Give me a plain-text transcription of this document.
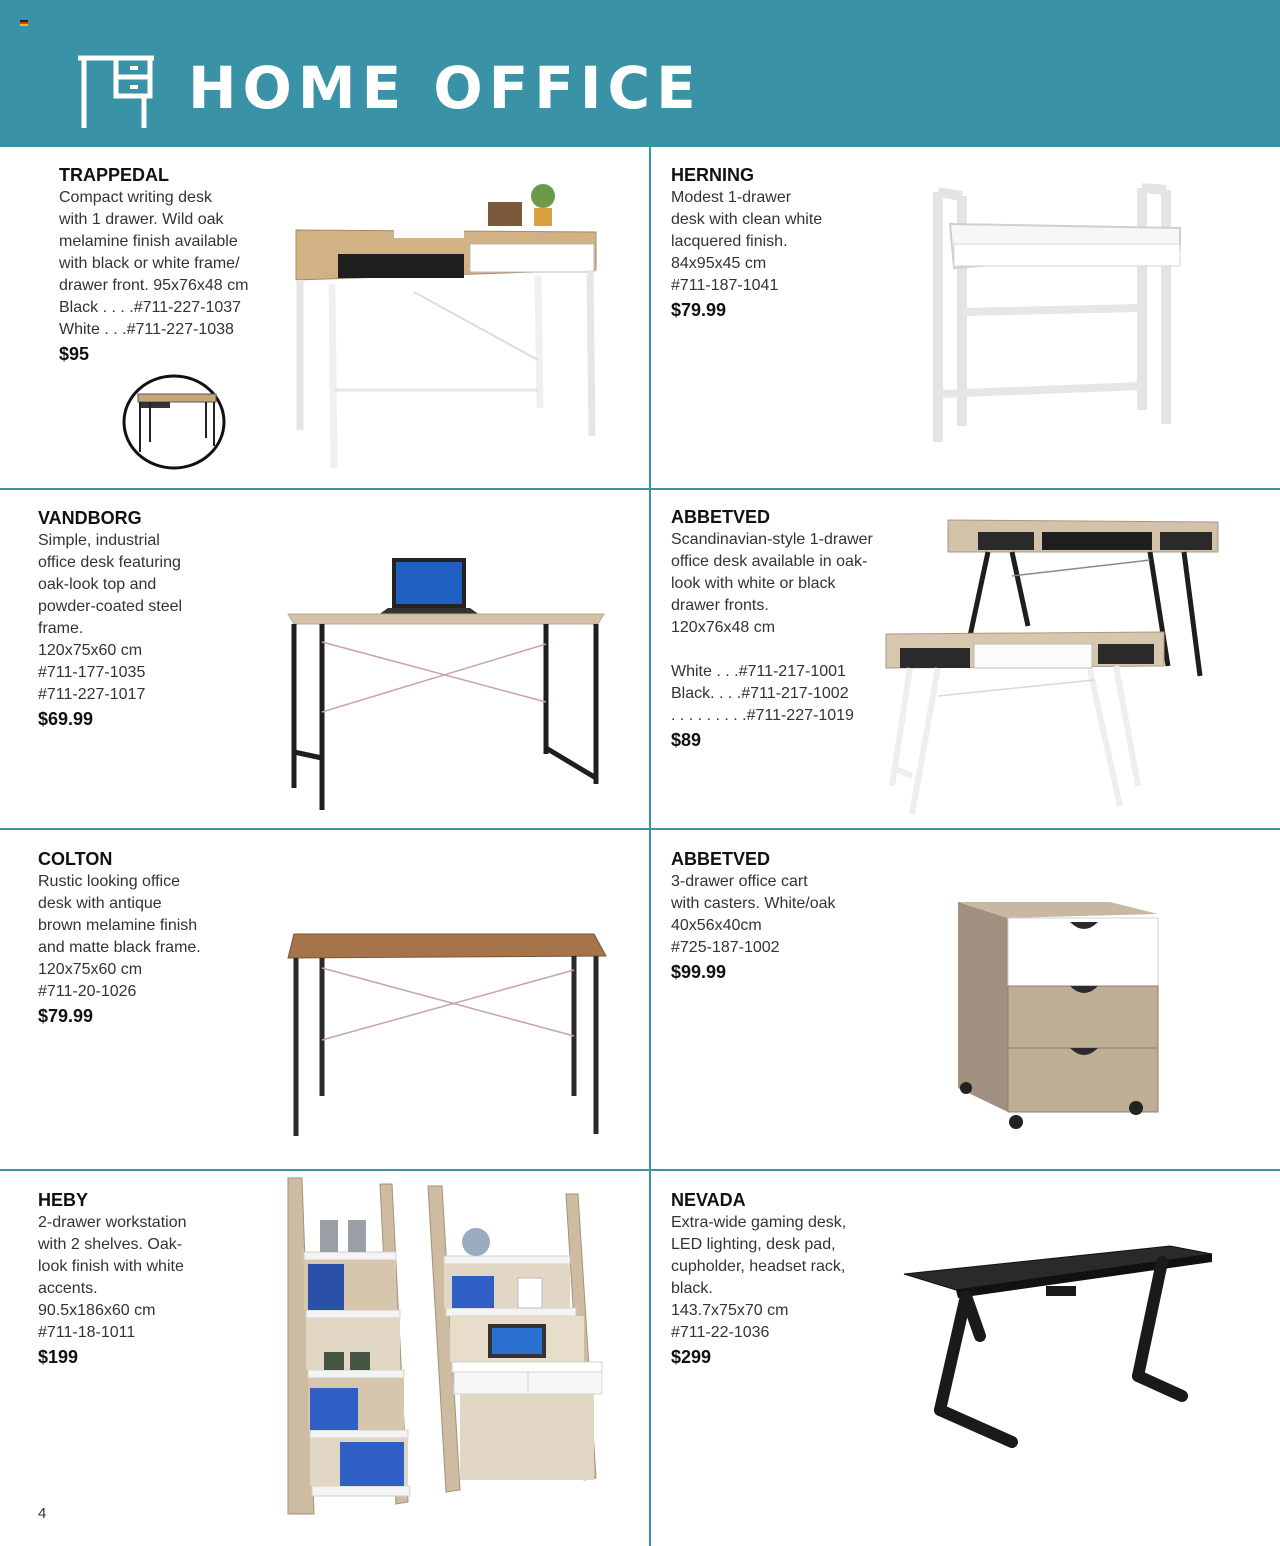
HOME OFFICE
TRAPPEDAL
Compact writing desk
with 1 drawer. Wild oak
melamine finish available
with black or white frame/
drawer front. 95x76x48 cm
Black . . . .#711-227-1037
White . . .#711-227-1038
$95
HERNING
Modest 1-drawer
desk with clean white
lacquered finish.
84x95x45 cm
#711-187-1041
$79.99
VANDBORG
Simple, industrial
office desk featuring
oak-look top and
powder-coated steel
frame.
120x75x60 cm
#711-177-1035
#711-227-1017
$69.99
ABBETVED
Scandinavian-style 1-drawer
office desk available in oak-
look with white or black
drawer fronts.
120x76x48 cm
White . . .#711-217-1001
Black. . . .#711-217-1002
. . . . . . . . .#711-227-1019
$89
COLTON
Rustic looking office
desk with antique
brown melamine finish
and matte black frame.
120x75x60 cm
#711-20-1026
$79.99
ABBETVED
3-drawer office cart
with casters. White/oak
40x56x40cm
#725-187-1002
$99.99
HEBY
2-drawer workstation
with 2 shelves. Oak-
look finish with white
accents.
90.5x186x60 cm
#711-18-1011
$199
NEVADA
Extra-wide gaming desk,
LED lighting, desk pad,
cupholder, headset rack,
black.
143.7x75x70 cm
#711-22-1036
$299
4
